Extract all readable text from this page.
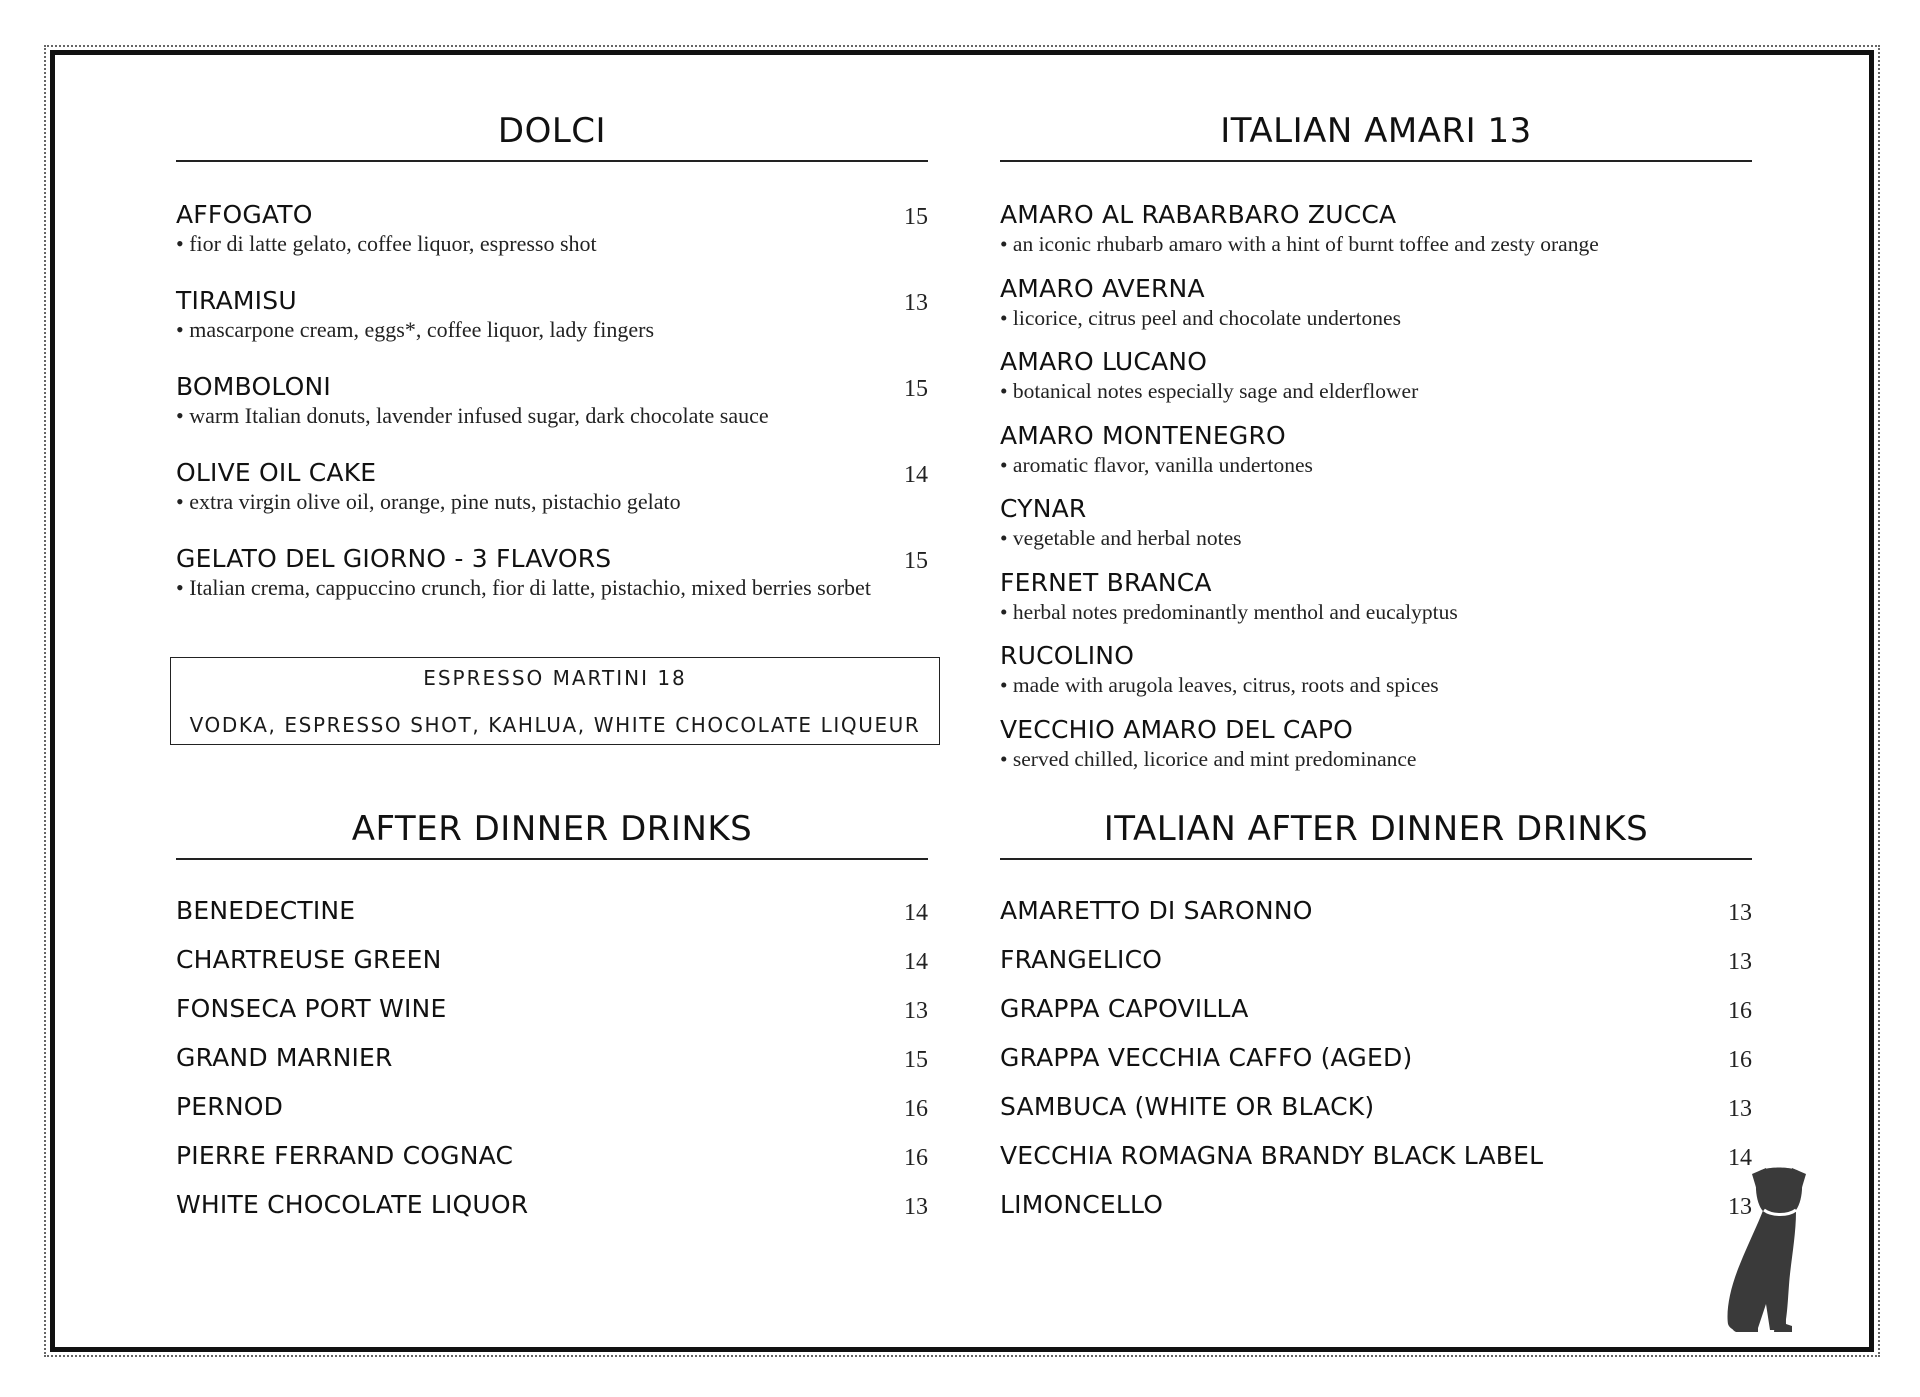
DOLCI
AFFOGATO	15
• fior di latte gelato, coffee liquor, espresso shot
TIRAMISU	13
• mascarpone cream, eggs*, coffee liquor, lady fingers
BOMBOLONI	15
• warm Italian donuts, lavender infused sugar, dark chocolate sauce
OLIVE OIL CAKE	14
• extra virgin olive oil, orange, pine nuts, pistachio gelato
GELATO DEL GIORNO - 3 FLAVORS	15
• Italian crema, cappuccino crunch, fior di latte, pistachio, mixed berries sorbet
ESPRESSO MARTINI 18
VODKA, ESPRESSO SHOT, KAHLUA, WHITE CHOCOLATE LIQUEUR
ITALIAN AMARI 13
AMARO AL RABARBARO ZUCCA
• an iconic rhubarb amaro with a hint of burnt toffee and zesty orange
AMARO AVERNA
• licorice, citrus peel and chocolate undertones
AMARO LUCANO
• botanical notes especially sage and elderflower
AMARO MONTENEGRO
• aromatic flavor, vanilla undertones
CYNAR
• vegetable and herbal notes
FERNET BRANCA
• herbal notes predominantly menthol and eucalyptus
RUCOLINO
• made with arugola leaves, citrus, roots and spices
VECCHIO AMARO DEL CAPO
• served chilled, licorice and mint predominance
AFTER DINNER DRINKS
BENEDECTINE	14
CHARTREUSE GREEN	14
FONSECA PORT WINE	13
GRAND MARNIER	15
PERNOD	16
PIERRE FERRAND COGNAC	16
WHITE CHOCOLATE LIQUOR	13
ITALIAN AFTER DINNER DRINKS
AMARETTO DI SARONNO	13
FRANGELICO	13
GRAPPA CAPOVILLA	16
GRAPPA VECCHIA CAFFO (AGED)	16
SAMBUCA (WHITE OR BLACK)	13
VECCHIA ROMAGNA BRANDY BLACK LABEL	14
LIMONCELLO	13
